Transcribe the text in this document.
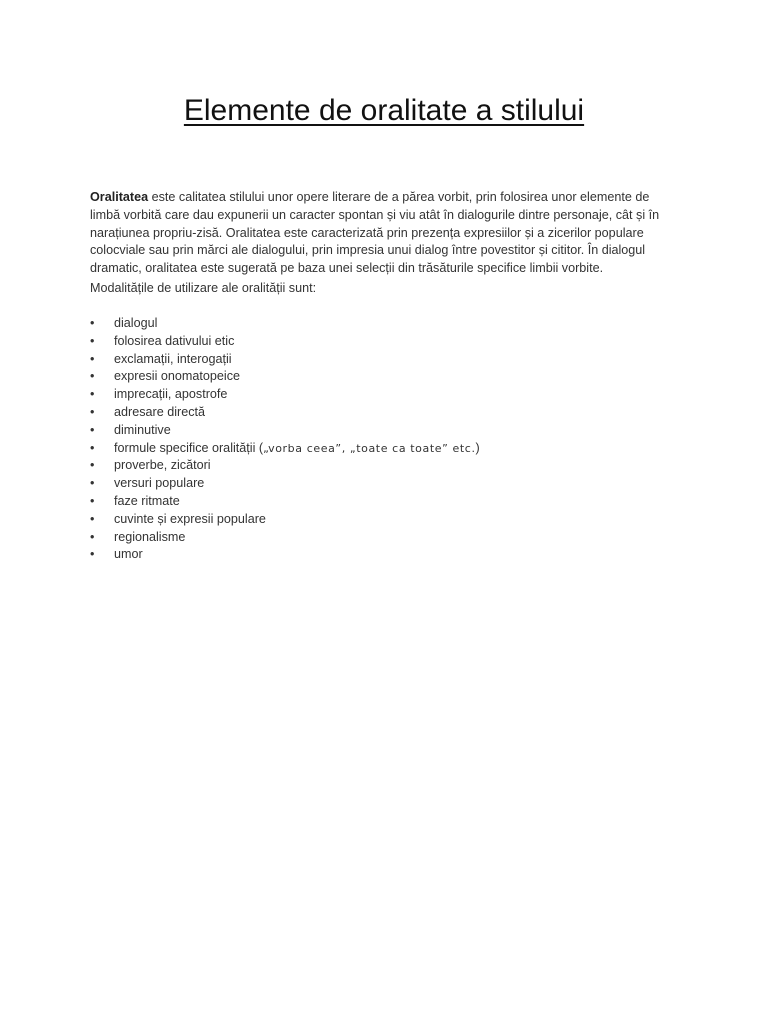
Elemente de oralitate a stilului

Oralitatea este calitatea stilului unor opere literare de a părea vorbit, prin folosirea unor elemente de limbă vorbită care dau expunerii un caracter spontan și viu atât în dialogurile dintre personaje, cât și în narațiunea propriu-zisă. Oralitatea este caracterizată prin prezența expresiilor și a zicerilor populare colocviale sau prin mărci ale dialogului, prin impresia unui dialog între povestitor și cititor. În dialogul dramatic, oralitatea este sugerată pe baza unei selecții din trăsăturile specifice limbii vorbite.

Modalitățile de utilizare ale oralității sunt:

•	dialogul
•	folosirea dativului etic
•	exclamații, interogații
•	expresii onomatopeice
•	imprecații, apostrofe
•	adresare directă
•	diminutive
•	formule specifice oralității („vorba ceea”, „toate ca toate” etc.)
•	proverbe, zicători
•	versuri populare
•	faze ritmate
•	cuvinte și expresii populare
•	regionalisme
•	umor
